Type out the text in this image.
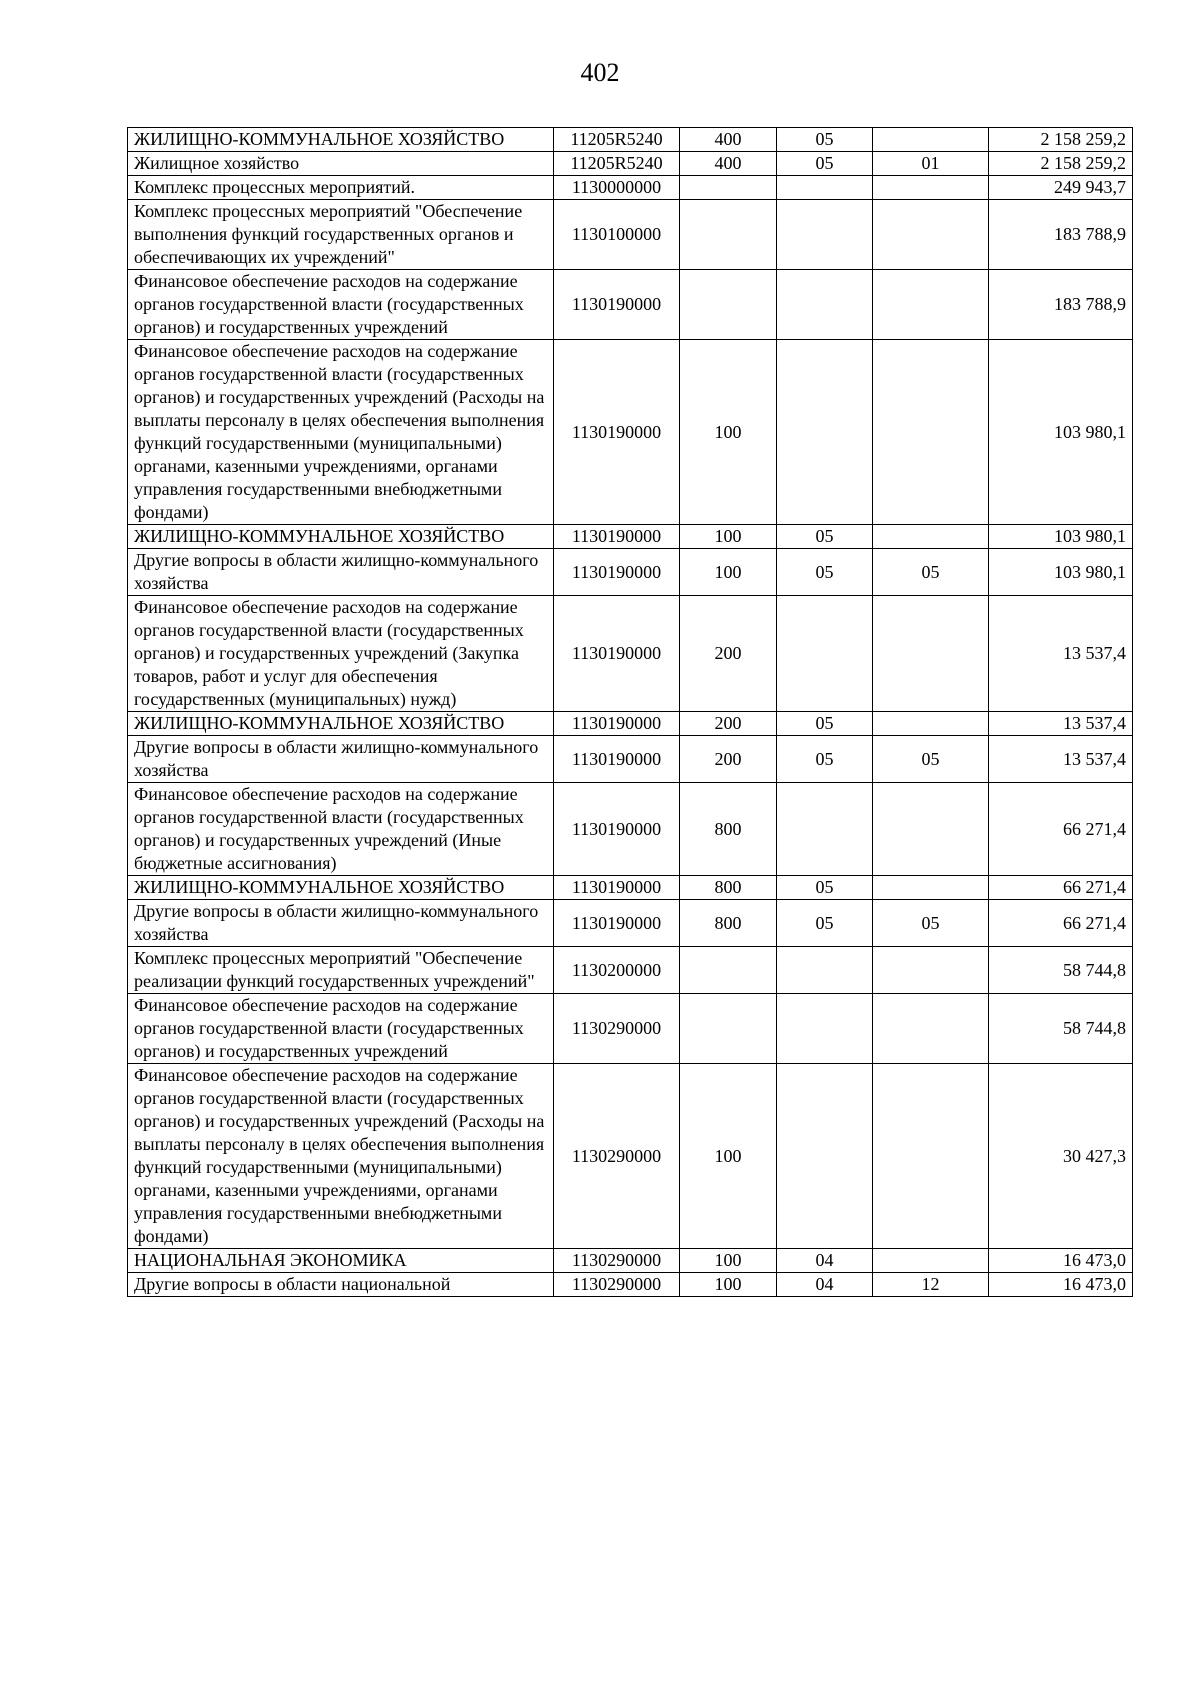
402
ЖИЛИЩНО-КОММУНАЛЬНОЕ ХОЗЯЙСТВО	11205R5240	400	05		2 158 259,2
Жилищное хозяйство	11205R5240	400	05	01	2 158 259,2
Комплекс процессных мероприятий.	1130000000				249 943,7
Комплекс процессных мероприятий "Обеспечение выполнения функций государственных органов и обеспечивающих их учреждений"	1130100000				183 788,9
Финансовое обеспечение расходов на содержание органов государственной власти (государственных органов) и государственных учреждений	1130190000				183 788,9
Финансовое обеспечение расходов на содержание органов государственной власти (государственных органов) и государственных учреждений (Расходы на выплаты персоналу в целях обеспечения выполнения функций государственными (муниципальными) органами, казенными учреждениями, органами управления государственными внебюджетными фондами)	1130190000	100			103 980,1
ЖИЛИЩНО-КОММУНАЛЬНОЕ ХОЗЯЙСТВО	1130190000	100	05		103 980,1
Другие вопросы в области жилищно-коммунального хозяйства	1130190000	100	05	05	103 980,1
Финансовое обеспечение расходов на содержание органов государственной власти (государственных органов) и государственных учреждений (Закупка товаров, работ и услуг для обеспечения государственных (муниципальных) нужд)	1130190000	200			13 537,4
ЖИЛИЩНО-КОММУНАЛЬНОЕ ХОЗЯЙСТВО	1130190000	200	05		13 537,4
Другие вопросы в области жилищно-коммунального хозяйства	1130190000	200	05	05	13 537,4
Финансовое обеспечение расходов на содержание органов государственной власти (государственных органов) и государственных учреждений (Иные бюджетные ассигнования)	1130190000	800			66 271,4
ЖИЛИЩНО-КОММУНАЛЬНОЕ ХОЗЯЙСТВО	1130190000	800	05		66 271,4
Другие вопросы в области жилищно-коммунального хозяйства	1130190000	800	05	05	66 271,4
Комплекс процессных мероприятий "Обеспечение реализации функций государственных учреждений"	1130200000				58 744,8
Финансовое обеспечение расходов на содержание органов государственной власти (государственных органов) и государственных учреждений	1130290000				58 744,8
Финансовое обеспечение расходов на содержание органов государственной власти (государственных органов) и государственных учреждений (Расходы на выплаты персоналу в целях обеспечения выполнения функций государственными (муниципальными) органами, казенными учреждениями, органами управления государственными внебюджетными фондами)	1130290000	100			30 427,3
НАЦИОНАЛЬНАЯ ЭКОНОМИКА	1130290000	100	04		16 473,0
Другие вопросы в области национальной	1130290000	100	04	12	16 473,0
